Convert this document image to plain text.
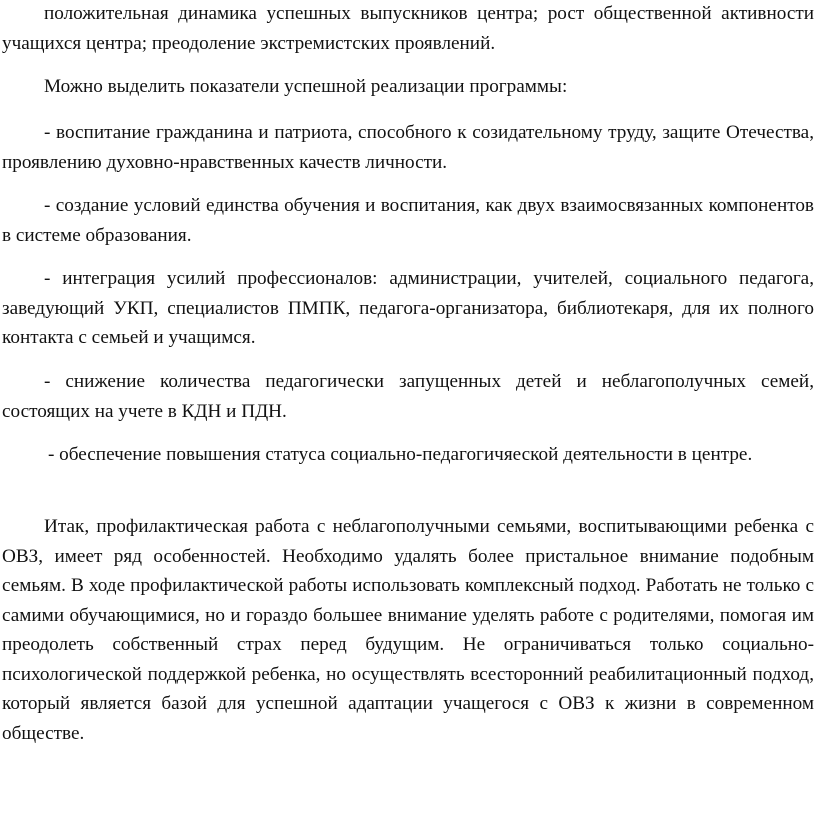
положительная динамика успешных выпускников центра; рост общественной активности учащихся центра; преодоление экстремистских проявлений.

Можно выделить показатели успешной реализации программы:

- воспитание гражданина и патриота, способного к созидательному труду, защите Отечества, проявлению духовно-нравственных качеств личности.

- создание условий единства обучения и воспитания, как двух взаимосвязанных компонентов в системе образования.

- интеграция усилий профессионалов: администрации, учителей, социального педагога, заведующий УКП, специалистов ПМПК, педагога-организатора, библиотекаря, для их полного контакта с семьей и учащимся.

- снижение количества педагогически запущенных детей и неблагополучных семей, состоящих на учете в КДН и ПДН.

- обеспечение повышения статуса социально-педагогичяеской деятельности в центре.

Итак, профилактическая работа с неблагополучными семьями, воспитывающими ребенка с ОВЗ, имеет ряд особенностей. Необходимо удалять более пристальное внимание подобным семьям. В ходе профилактической работы использовать комплексный подход. Работать не только с самими обучающимися, но и гораздо большее внимание уделять работе с родителями, помогая им преодолеть собственный страх перед будущим. Не ограничиваться только социально-психологической поддержкой ребенка, но осуществлять всесторонний реабилитационный подход, который является базой для успешной адаптации учащегося с ОВЗ к жизни в современном обществе.
